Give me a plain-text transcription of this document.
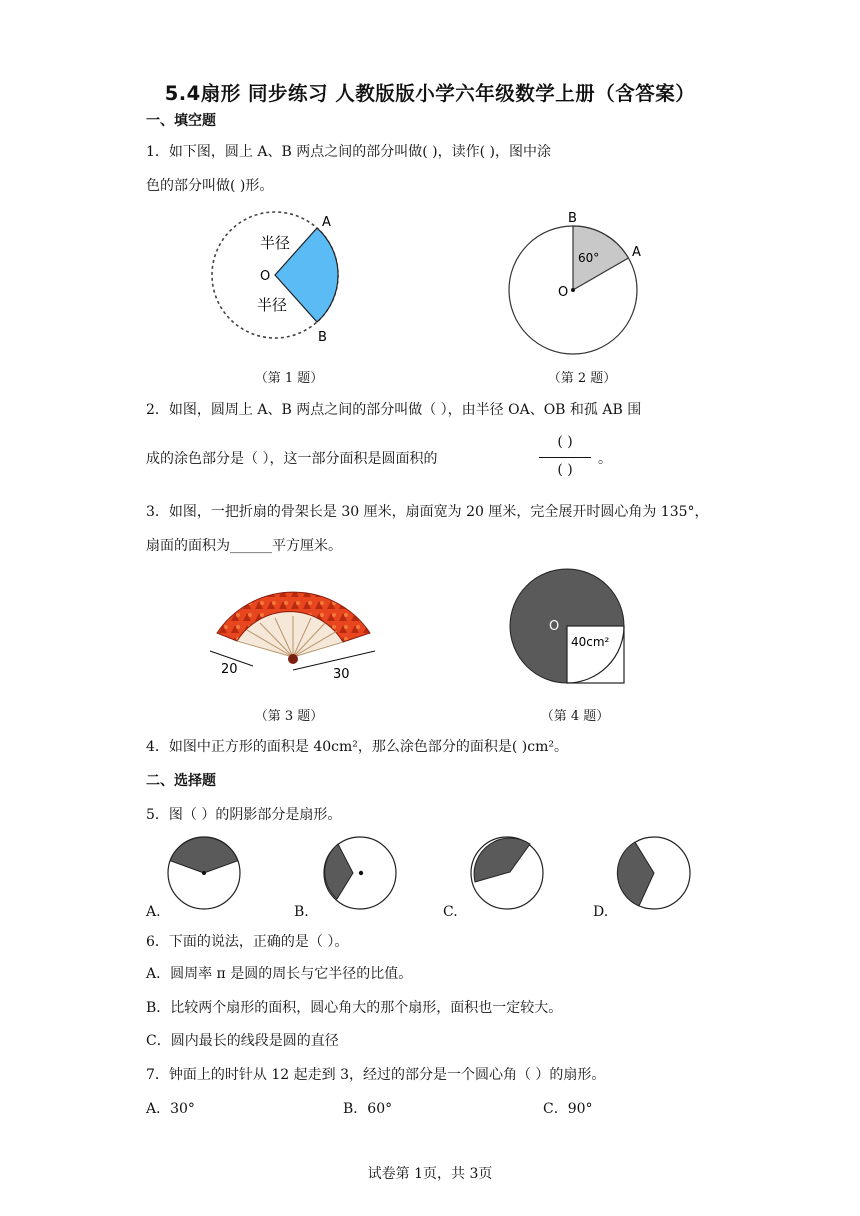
5.4扇形 同步练习 人教版版小学六年级数学上册（含答案）
一、填空题
1．如下图，圆上 A、B 两点之间的部分叫做( )，读作( )，图中涂
色的部分叫做( )形。
A
B
O
半径
半径
（第 1 题）
B
A
O
60°
（第 2 题）
2．如图，圆周上 A、B 两点之间的部分叫做（ ），由半径 OA、OB 和孤 AB 围
成的涂色部分是（ ），这一部分面积是圆面积的
( )
( )
。
3．如图，一把折扇的骨架长是 30 厘米，扇面宽为 20 厘米，完全展开时圆心角为 135°，
扇面的面积为______平方厘米。
20	30
（第 3 题）
O
40cm²
（第 4 题）
4．如图中正方形的面积是 40cm²，那么涂色部分的面积是( )cm²。
二、选择题
5．图（ ）的阴影部分是扇形。
A.	B.	C.	D.
6．下面的说法，正确的是（ ）。
A．圆周率 π 是圆的周长与它半径的比值。
B．比较两个扇形的面积，圆心角大的那个扇形，面积也一定较大。
C．圆内最长的线段是圆的直径
7．钟面上的时针从 12 起走到 3，经过的部分是一个圆心角（ ）的扇形。
A．30°	B．60°	C．90°
试卷第 1页，共 3页
